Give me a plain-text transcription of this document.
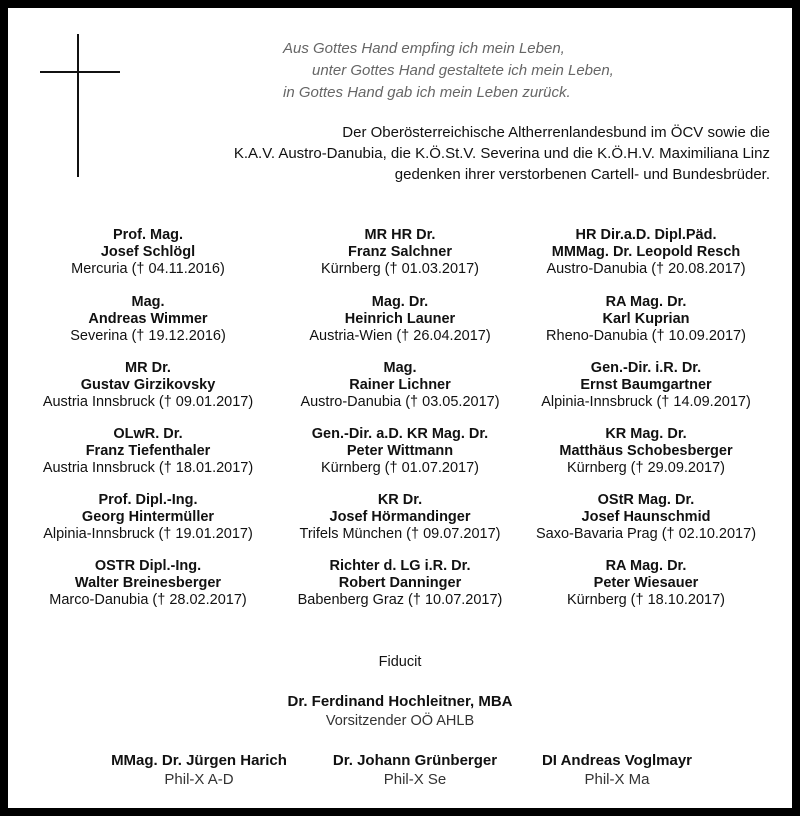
Aus Gottes Hand empfing ich mein Leben,
unter Gottes Hand gestaltete ich mein Leben,
in Gottes Hand gab ich mein Leben zurück.
Der Oberösterreichische Altherrenlandesbund im ÖCV sowie die
K.A.V. Austro-Danubia, die K.Ö.St.V. Severina und die K.Ö.H.V. Maximiliana Linz
gedenken ihrer verstorbenen Cartell- und Bundesbrüder.
Prof. Mag.
Josef Schlögl
Mercuria († 04.11.2016)
MR HR Dr.
Franz Salchner
Kürnberg († 01.03.2017)
HR Dir.a.D. Dipl.Päd.
MMMag. Dr. Leopold Resch
Austro-Danubia († 20.08.2017)
Mag.
Andreas Wimmer
Severina († 19.12.2016)
Mag. Dr.
Heinrich Launer
Austria-Wien († 26.04.2017)
RA Mag. Dr.
Karl Kuprian
Rheno-Danubia († 10.09.2017)
MR Dr.
Gustav Girzikovsky
Austria Innsbruck († 09.01.2017)
Mag.
Rainer Lichner
Austro-Danubia († 03.05.2017)
Gen.-Dir. i.R. Dr.
Ernst Baumgartner
Alpinia-Innsbruck († 14.09.2017)
OLwR. Dr.
Franz Tiefenthaler
Austria Innsbruck († 18.01.2017)
Gen.-Dir. a.D. KR Mag. Dr.
Peter Wittmann
Kürnberg († 01.07.2017)
KR Mag. Dr.
Matthäus Schobesberger
Kürnberg († 29.09.2017)
Prof. Dipl.-Ing.
Georg Hintermüller
Alpinia-Innsbruck († 19.01.2017)
KR Dr.
Josef Hörmandinger
Trifels München († 09.07.2017)
OStR Mag. Dr.
Josef Haunschmid
Saxo-Bavaria Prag († 02.10.2017)
OSTR Dipl.-Ing.
Walter Breinesberger
Marco-Danubia († 28.02.2017)
Richter d. LG i.R. Dr.
Robert Danninger
Babenberg Graz († 10.07.2017)
RA Mag. Dr.
Peter Wiesauer
Kürnberg († 18.10.2017)
Fiducit
Dr. Ferdinand Hochleitner, MBA
Vorsitzender OÖ AHLB
MMag. Dr. Jürgen Harich
Phil-X A-D
Dr. Johann Grünberger
Phil-X Se
DI Andreas Voglmayr
Phil-X Ma
